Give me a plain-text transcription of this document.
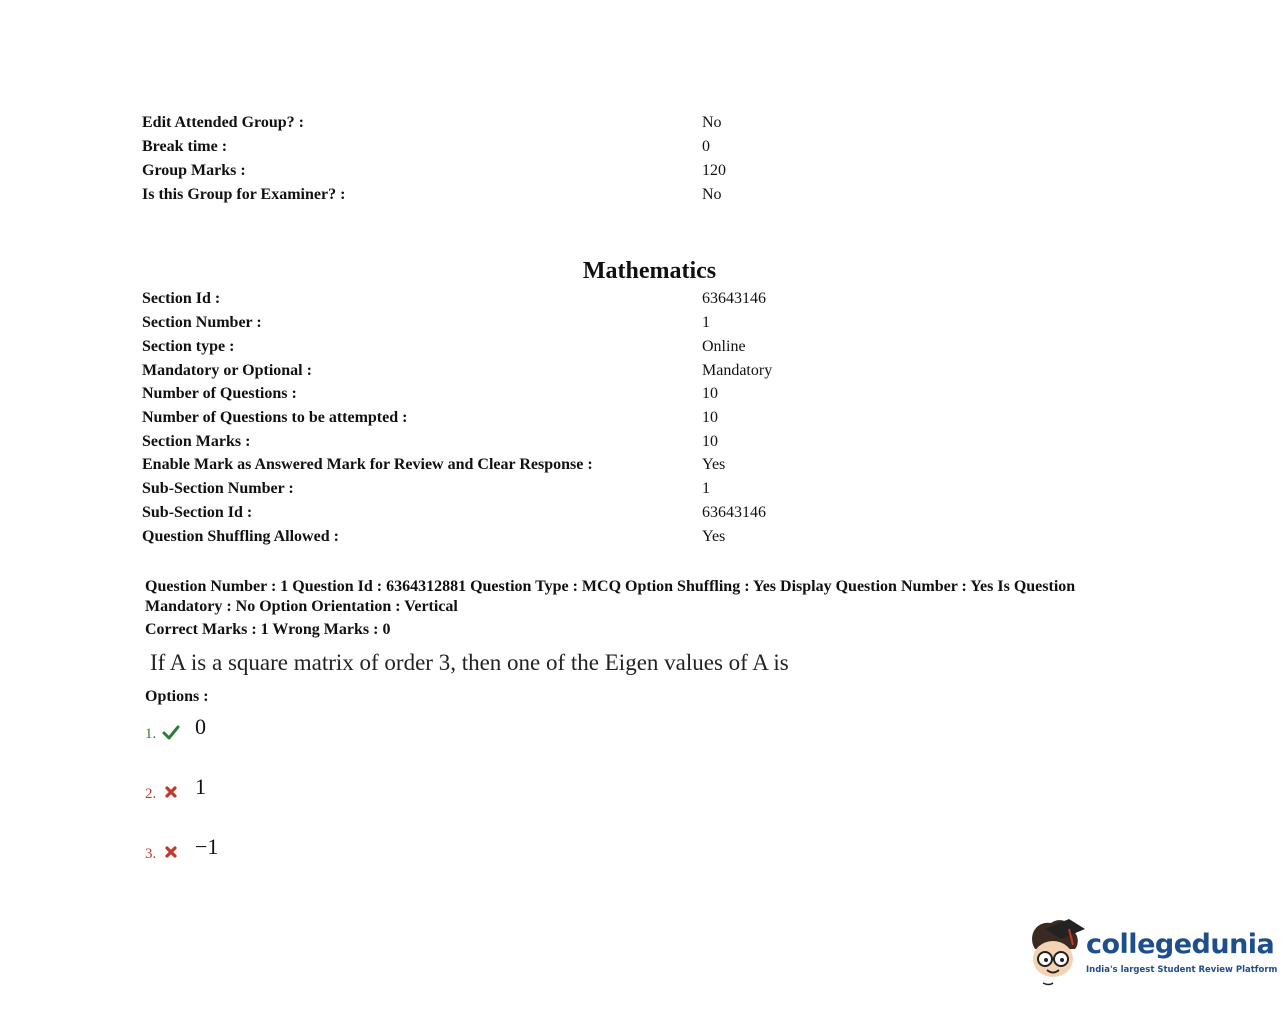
Edit Attended Group? :	No
Break time :	0
Group Marks :	120
Is this Group for Examiner? :	No
Mathematics
Section Id :	63643146
Section Number :	1
Section type :	Online
Mandatory or Optional :	Mandatory
Number of Questions :	10
Number of Questions to be attempted :	10
Section Marks :	10
Enable Mark as Answered Mark for Review and Clear Response :	Yes
Sub-Section Number :	1
Sub-Section Id :	63643146
Question Shuffling Allowed :	Yes
Question Number : 1 Question Id : 6364312881 Question Type : MCQ Option Shuffling : Yes Display Question Number : Yes Is Question
Mandatory : No Option Orientation : Vertical
Correct Marks : 1 Wrong Marks : 0
If A is a square matrix of order 3, then one of the Eigen values of A is
Options :
1. 0
2. 1
3. −1
collegedunia
India's largest Student Review Platform
